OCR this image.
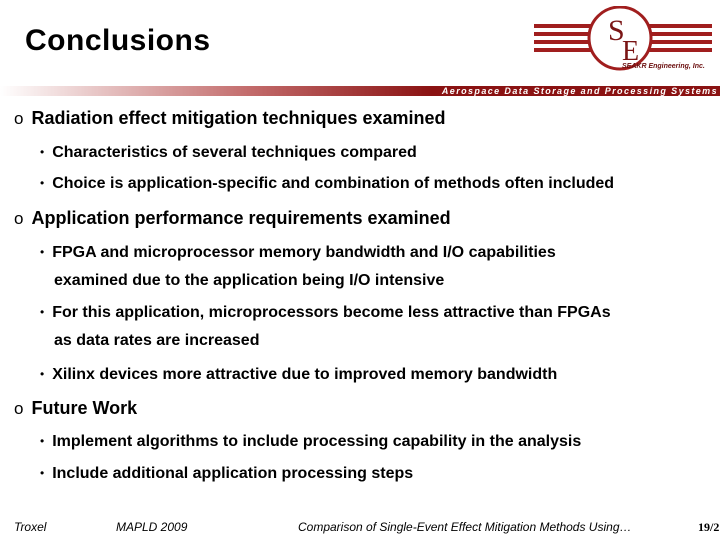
Conclusions	S
E
SEAKR Engineering, Inc.
Aerospace Data Storage and Processing Systems
o Radiation effect mitigation techniques examined
• Characteristics of several techniques compared
• Choice is application-specific and combination of methods often included
o Application performance requirements examined
• FPGA and microprocessor memory bandwidth and I/O capabilities
examined due to the application being I/O intensive
• For this application, microprocessors become less attractive than FPGAs
as data rates are increased
• Xilinx devices more attractive due to improved memory bandwidth
o Future Work
• Implement algorithms to include processing capability in the analysis
• Include additional application processing steps
Troxel	MAPLD 2009	Comparison of Single-Event Effect Mitigation Methods Using…	19/2
